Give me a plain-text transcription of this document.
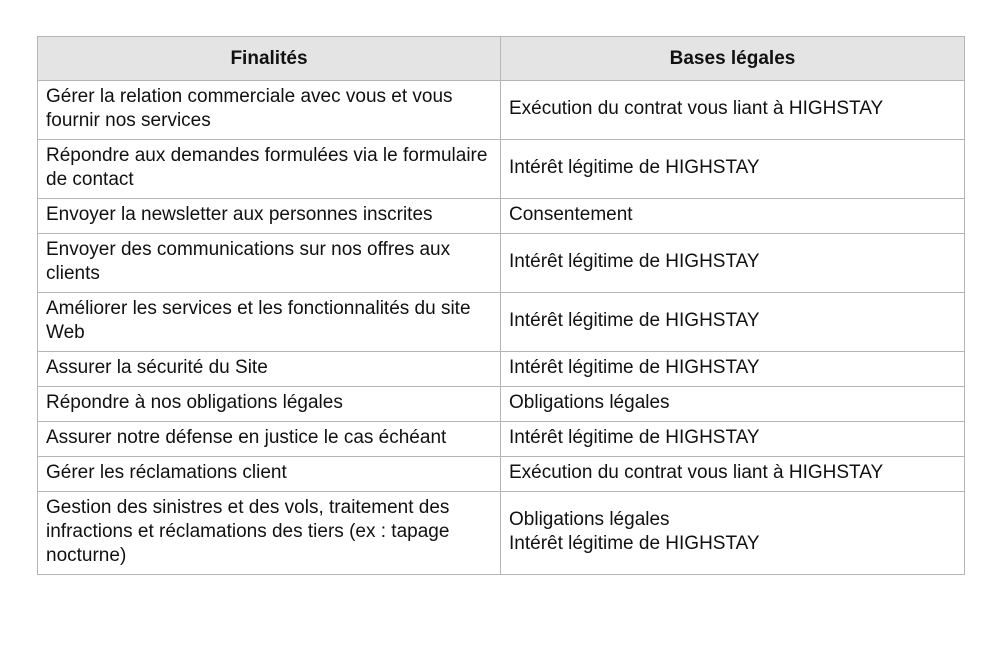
Finalités	Bases légales
Gérer la relation commerciale avec vous et vous fournir nos services	Exécution du contrat vous liant à HIGHSTAY

Répondre aux demandes formulées via le formulaire de contact	Intérêt légitime de HIGHSTAY

Envoyer la newsletter aux personnes inscrites	Consentement

Envoyer des communications sur nos offres aux clients	Intérêt légitime de HIGHSTAY

Améliorer les services et les fonctionnalités du site Web	Intérêt légitime de HIGHSTAY

Assurer la sécurité du Site	Intérêt légitime de HIGHSTAY

Répondre à nos obligations légales	Obligations légales

Assurer notre défense en justice le cas échéant	Intérêt légitime de HIGHSTAY

Gérer les réclamations client	Exécution du contrat vous liant à HIGHSTAY

Gestion des sinistres et des vols, traitement des infractions et réclamations des tiers (ex : tapage nocturne)	Obligations légales
Intérêt légitime de HIGHSTAY
